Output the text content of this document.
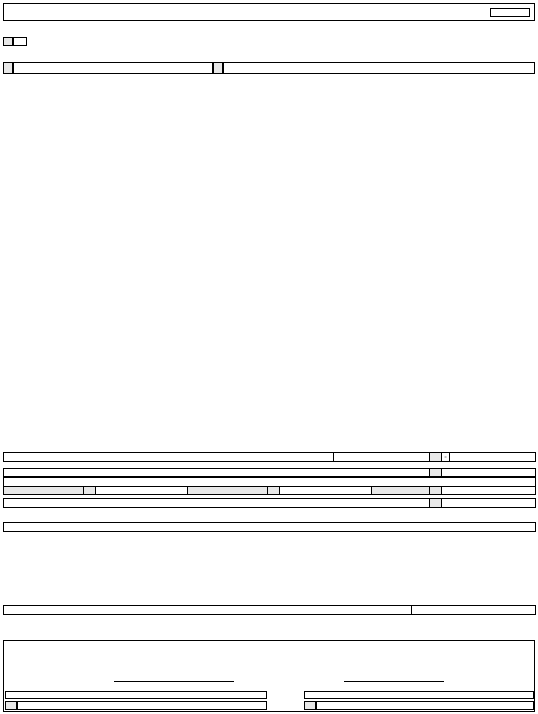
			=	
